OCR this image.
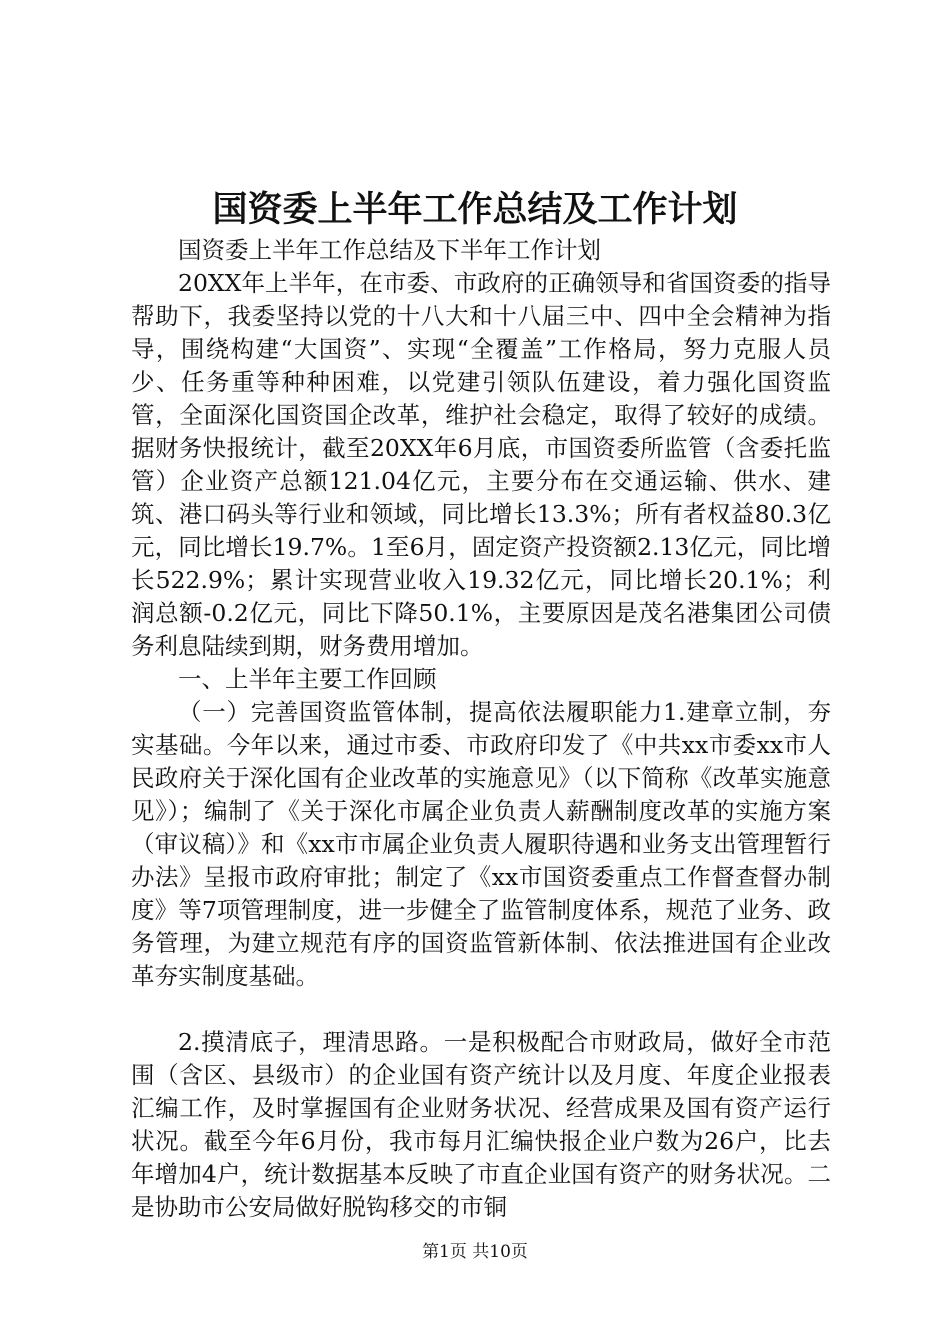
国资委上半年工作总结及工作计划

国资委上半年工作总结及下半年工作计划

20XX年上半年，在市委、市政府的正确领导和省国资委的指导帮助下，我委坚持以党的十八大和十八届三中、四中全会精神为指导，围绕构建“大国资”、实现“全覆盖”工作格局，努力克服人员少、任务重等种种困难，以党建引领队伍建设，着力强化国资监管，全面深化国资国企改革，维护社会稳定，取得了较好的成绩。据财务快报统计，截至20XX年6月底，市国资委所监管（含委托监管）企业资产总额121.04亿元，主要分布在交通运输、供水、建筑、港口码头等行业和领域，同比增长13.3%；所有者权益80.3亿元，同比增长19.7%。1至6月，固定资产投资额2.13亿元，同比增长522.9%；累计实现营业收入19.32亿元，同比增长20.1%；利润总额-0.2亿元，同比下降50.1%，主要原因是茂名港集团公司债务利息陆续到期，财务费用增加。

一、上半年主要工作回顾

（一）完善国资监管体制，提高依法履职能力1.建章立制，夯实基础。今年以来，通过市委、市政府印发了《中共xx市委xx市人民政府关于深化国有企业改革的实施意见》（以下简称《改革实施意见》）；编制了《关于深化市属企业负责人薪酬制度改革的实施方案（审议稿）》和《xx市市属企业负责人履职待遇和业务支出管理暂行办法》呈报市政府审批；制定了《xx市国资委重点工作督查督办制度》等7项管理制度，进一步健全了监管制度体系，规范了业务、政务管理，为建立规范有序的国资监管新体制、依法推进国有企业改革夯实制度基础。

2.摸清底子，理清思路。一是积极配合市财政局，做好全市范围（含区、县级市）的企业国有资产统计以及月度、年度企业报表汇编工作，及时掌握国有企业财务状况、经营成果及国有资产运行状况。截至今年6月份，我市每月汇编快报企业户数为26户，比去年增加4户，统计数据基本反映了市直企业国有资产的财务状况。二是协助市公安局做好脱钩移交的市铜

第1页 共10页
